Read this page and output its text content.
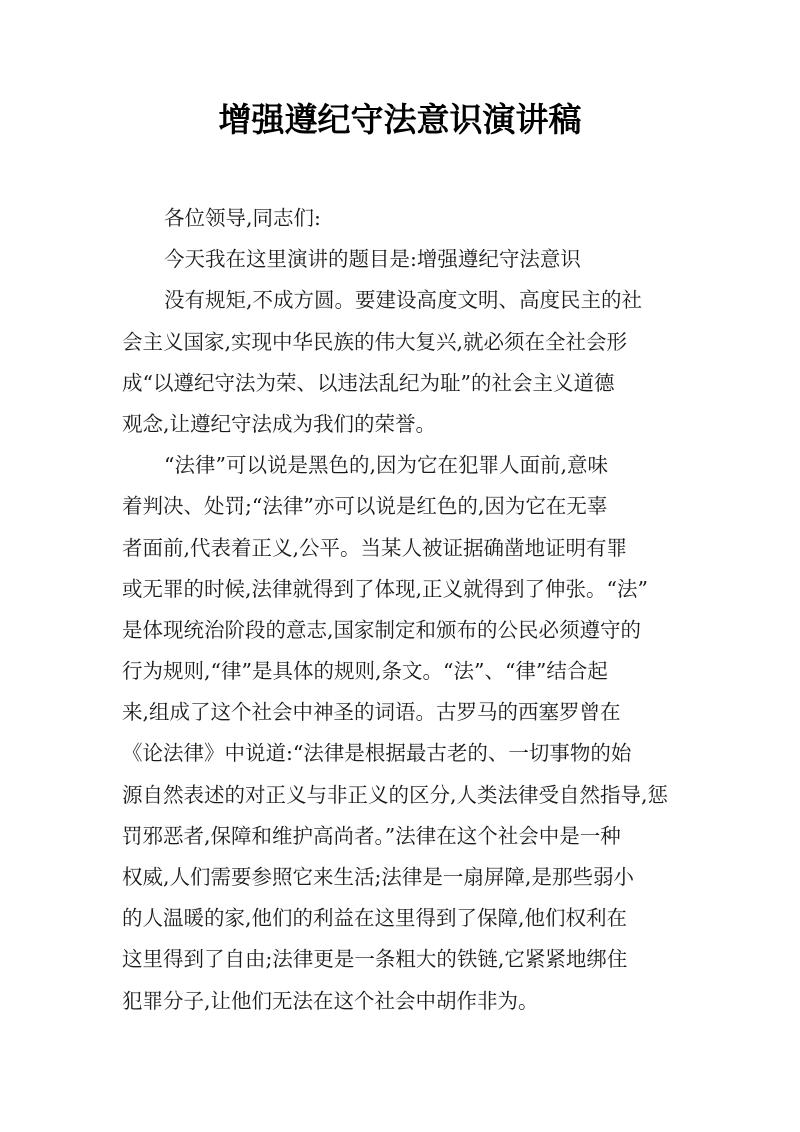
增强遵纪守法意识演讲稿
各位领导,同志们:
今天我在这里演讲的题目是:增强遵纪守法意识
没有规矩,不成方圆。要建设高度文明、高度民主的社
会主义国家,实现中华民族的伟大复兴,就必须在全社会形
成“以遵纪守法为荣、以违法乱纪为耻”的社会主义道德
观念,让遵纪守法成为我们的荣誉。
“法律”可以说是黑色的,因为它在犯罪人面前,意味
着判决、处罚;“法律”亦可以说是红色的,因为它在无辜
者面前,代表着正义,公平。当某人被证据确凿地证明有罪
或无罪的时候,法律就得到了体现,正义就得到了伸张。“法”
是体现统治阶段的意志,国家制定和颁布的公民必须遵守的
行为规则,“律”是具体的规则,条文。“法”、“律”结合起
来,组成了这个社会中神圣的词语。古罗马的西塞罗曾在
《论法律》中说道:“法律是根据最古老的、一切事物的始
源自然表述的对正义与非正义的区分,人类法律受自然指导,惩
罚邪恶者,保障和维护高尚者。”法律在这个社会中是一种
权威,人们需要参照它来生活;法律是一扇屏障,是那些弱小
的人温暖的家,他们的利益在这里得到了保障,他们权利在
这里得到了自由;法律更是一条粗大的铁链,它紧紧地绑住
犯罪分子,让他们无法在这个社会中胡作非为。
